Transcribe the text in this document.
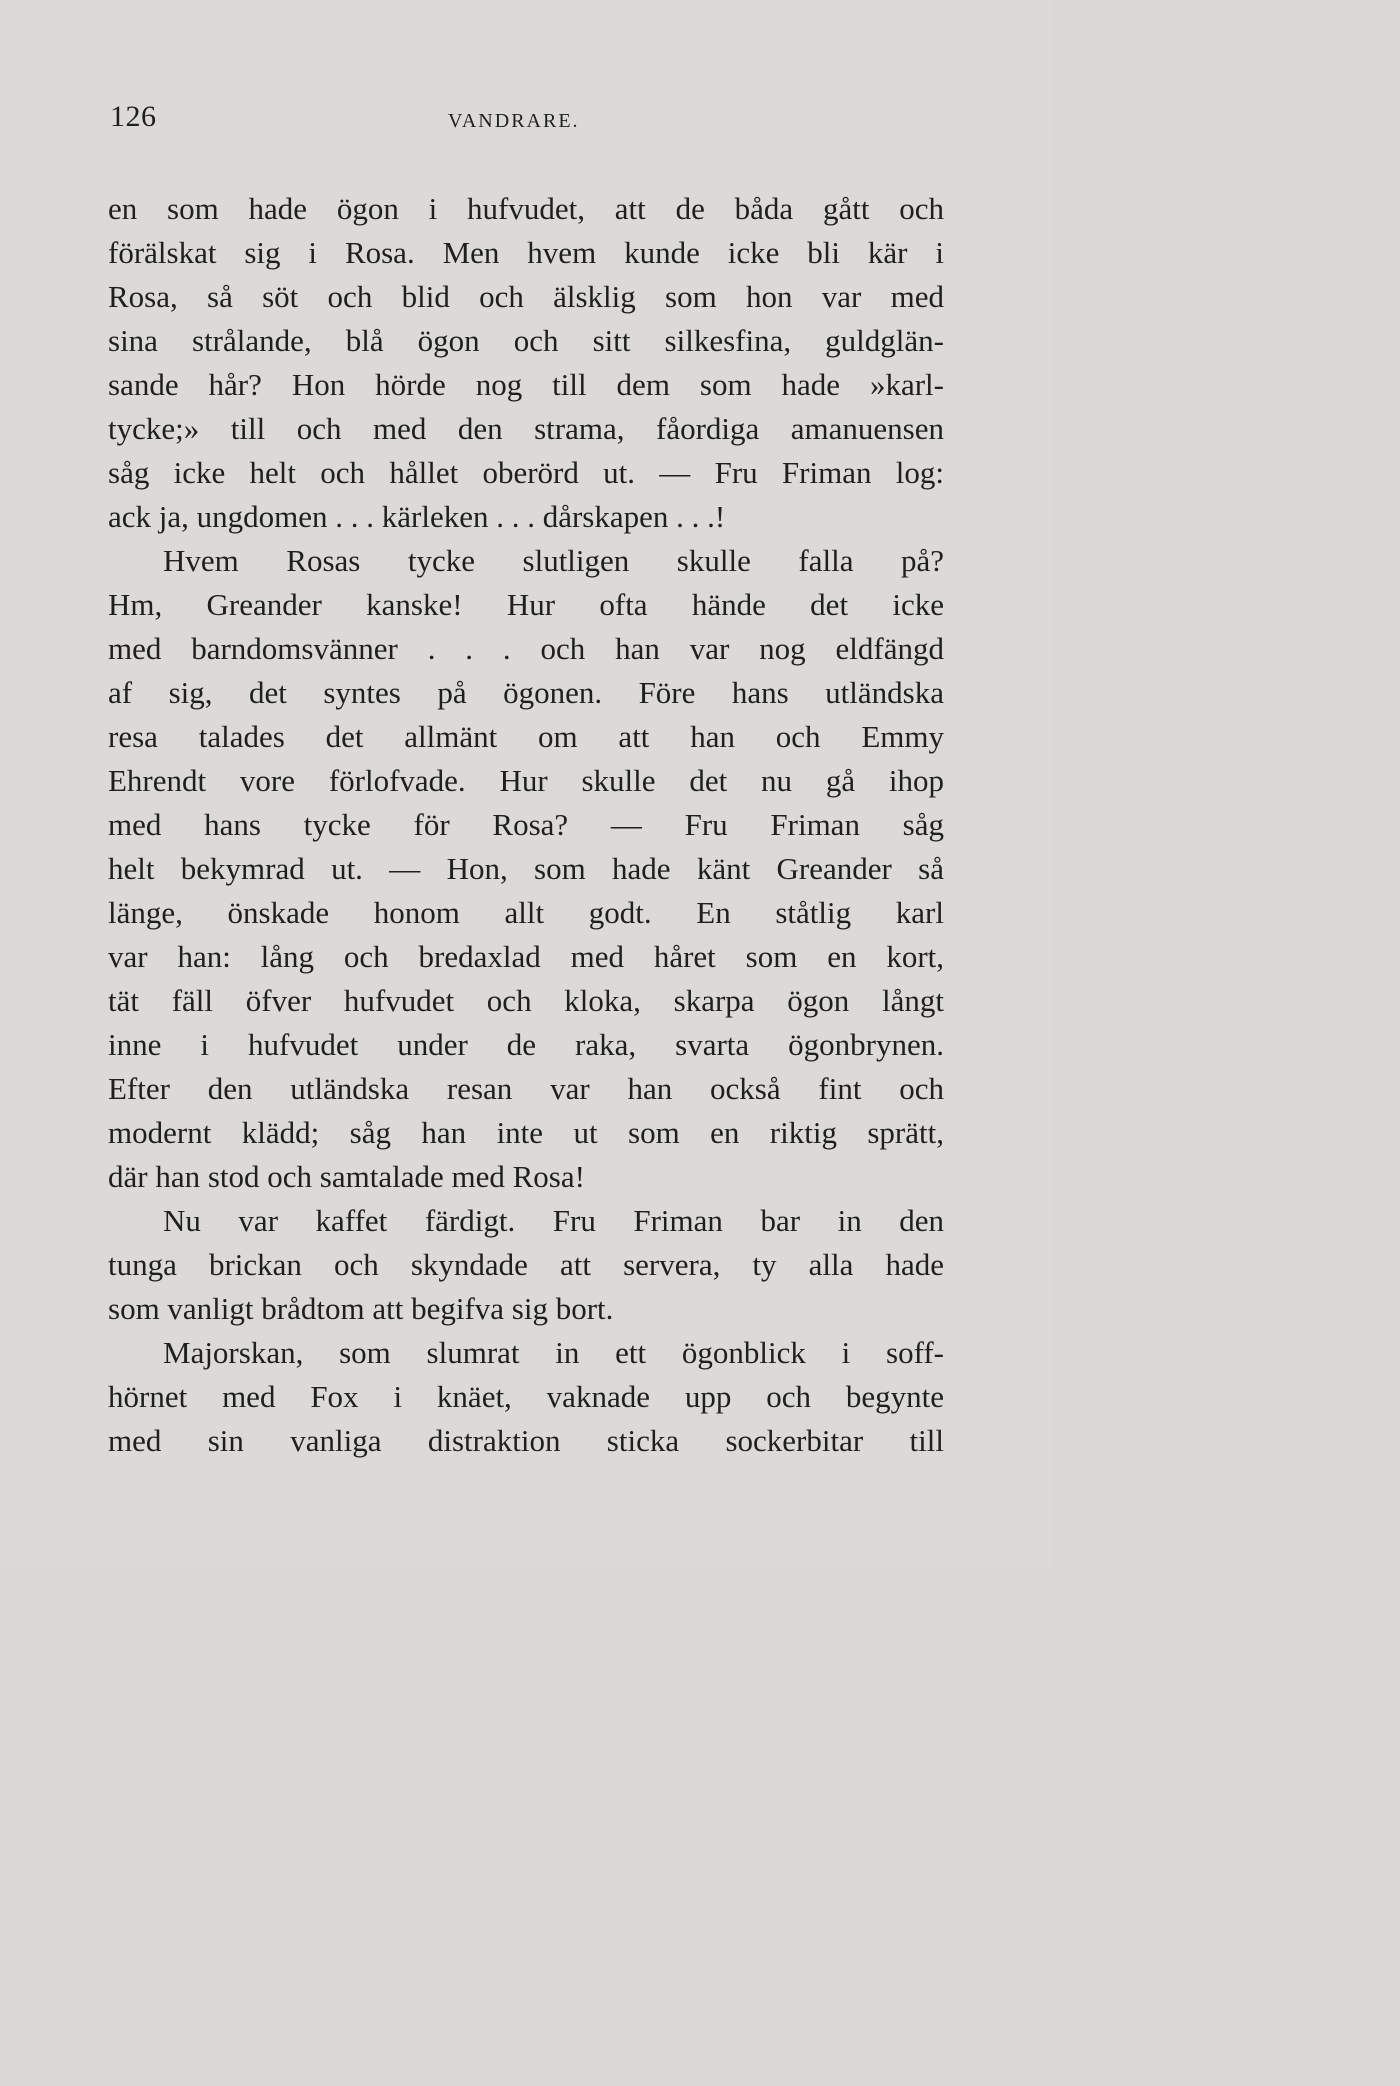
126	VANDRARE.
en som hade ögon i hufvudet, att de båda gått och
förälskat sig i Rosa. Men hvem kunde icke bli kär i
Rosa, så söt och blid och älsklig som hon var med
sina strålande, blå ögon och sitt silkesfina, guldglän-
sande hår? Hon hörde nog till dem som hade »karl-
tycke;» till och med den strama, fåordiga amanuensen
såg icke helt och hållet oberörd ut. — Fru Friman log:
ack ja, ungdomen . . . kärleken . . . dårskapen . . .!
Hvem Rosas tycke slutligen skulle falla på?
Hm, Greander kanske! Hur ofta hände det icke
med barndomsvänner . . . och han var nog eldfängd
af sig, det syntes på ögonen. Före hans utländska
resa talades det allmänt om att han och Emmy
Ehrendt vore förlofvade. Hur skulle det nu gå ihop
med hans tycke för Rosa? — Fru Friman såg
helt bekymrad ut. — Hon, som hade känt Greander så
länge, önskade honom allt godt. En ståtlig karl
var han: lång och bredaxlad med håret som en kort,
tät fäll öfver hufvudet och kloka, skarpa ögon långt
inne i hufvudet under de raka, svarta ögonbrynen.
Efter den utländska resan var han också fint och
modernt klädd; såg han inte ut som en riktig sprätt,
där han stod och samtalade med Rosa!
Nu var kaffet färdigt. Fru Friman bar in den
tunga brickan och skyndade att servera, ty alla hade
som vanligt brådtom att begifva sig bort.
Majorskan, som slumrat in ett ögonblick i soff-
hörnet med Fox i knäet, vaknade upp och begynte
med sin vanliga distraktion sticka sockerbitar till
